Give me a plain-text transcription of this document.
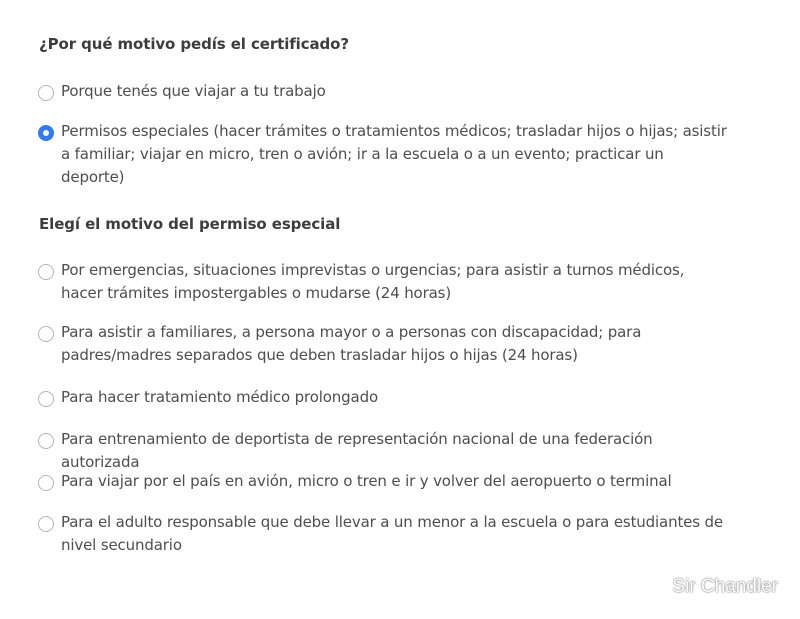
¿Por qué motivo pedís el certificado?
Porque tenés que viajar a tu trabajo
Permisos especiales (hacer trámites o tratamientos médicos; trasladar hijos o hijas; asistir a familiar; viajar en micro, tren o avión; ir a la escuela o a un evento; practicar un deporte)
Elegí el motivo del permiso especial
Por emergencias, situaciones imprevistas o urgencias; para asistir a turnos médicos, hacer trámites impostergables o mudarse (24 horas)
Para asistir a familiares, a persona mayor o a personas con discapacidad; para padres/madres separados que deben trasladar hijos o hijas (24 horas)
Para hacer tratamiento médico prolongado
Para entrenamiento de deportista de representación nacional de una federación autorizada
Para viajar por el país en avión, micro o tren e ir y volver del aeropuerto o terminal
Para el adulto responsable que debe llevar a un menor a la escuela o para estudiantes de nivel secundario
Sir Chandler
